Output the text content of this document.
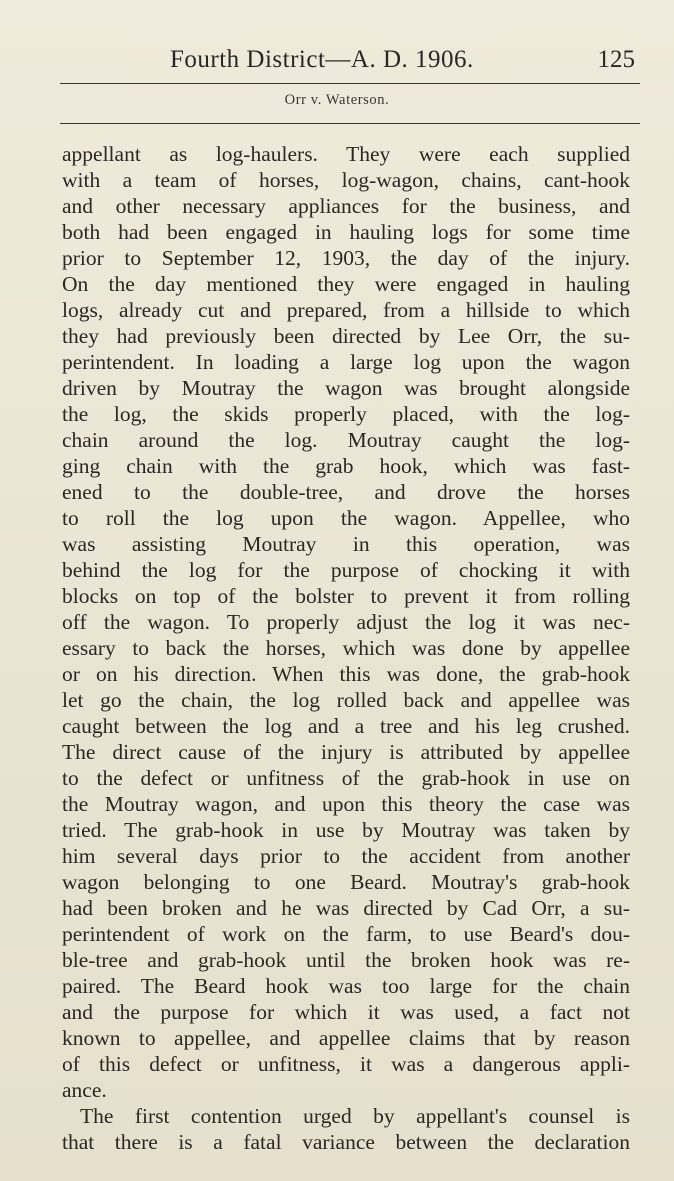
Fourth District—A. D. 1906.	125
Orr v. Waterson.
appellant as log-haulers. They were each supplied
with a team of horses, log-wagon, chains, cant-hook
and other necessary appliances for the business, and
both had been engaged in hauling logs for some time
prior to September 12, 1903, the day of the injury.
On the day mentioned they were engaged in hauling
logs, already cut and prepared, from a hillside to which
they had previously been directed by Lee Orr, the su-
perintendent. In loading a large log upon the wagon
driven by Moutray the wagon was brought alongside
the log, the skids properly placed, with the log-
chain around the log. Moutray caught the log-
ging chain with the grab hook, which was fast-
ened to the double-tree, and drove the horses
to roll the log upon the wagon. Appellee, who
was assisting Moutray in this operation, was
behind the log for the purpose of chocking it with
blocks on top of the bolster to prevent it from rolling
off the wagon. To properly adjust the log it was nec-
essary to back the horses, which was done by appellee
or on his direction. When this was done, the grab-hook
let go the chain, the log rolled back and appellee was
caught between the log and a tree and his leg crushed.
The direct cause of the injury is attributed by appellee
to the defect or unfitness of the grab-hook in use on
the Moutray wagon, and upon this theory the case was
tried. The grab-hook in use by Moutray was taken by
him several days prior to the accident from another
wagon belonging to one Beard. Moutray's grab-hook
had been broken and he was directed by Cad Orr, a su-
perintendent of work on the farm, to use Beard's dou-
ble-tree and grab-hook until the broken hook was re-
paired. The Beard hook was too large for the chain
and the purpose for which it was used, a fact not
known to appellee, and appellee claims that by reason
of this defect or unfitness, it was a dangerous appli-
ance.
The first contention urged by appellant's counsel is
that there is a fatal variance between the declaration
